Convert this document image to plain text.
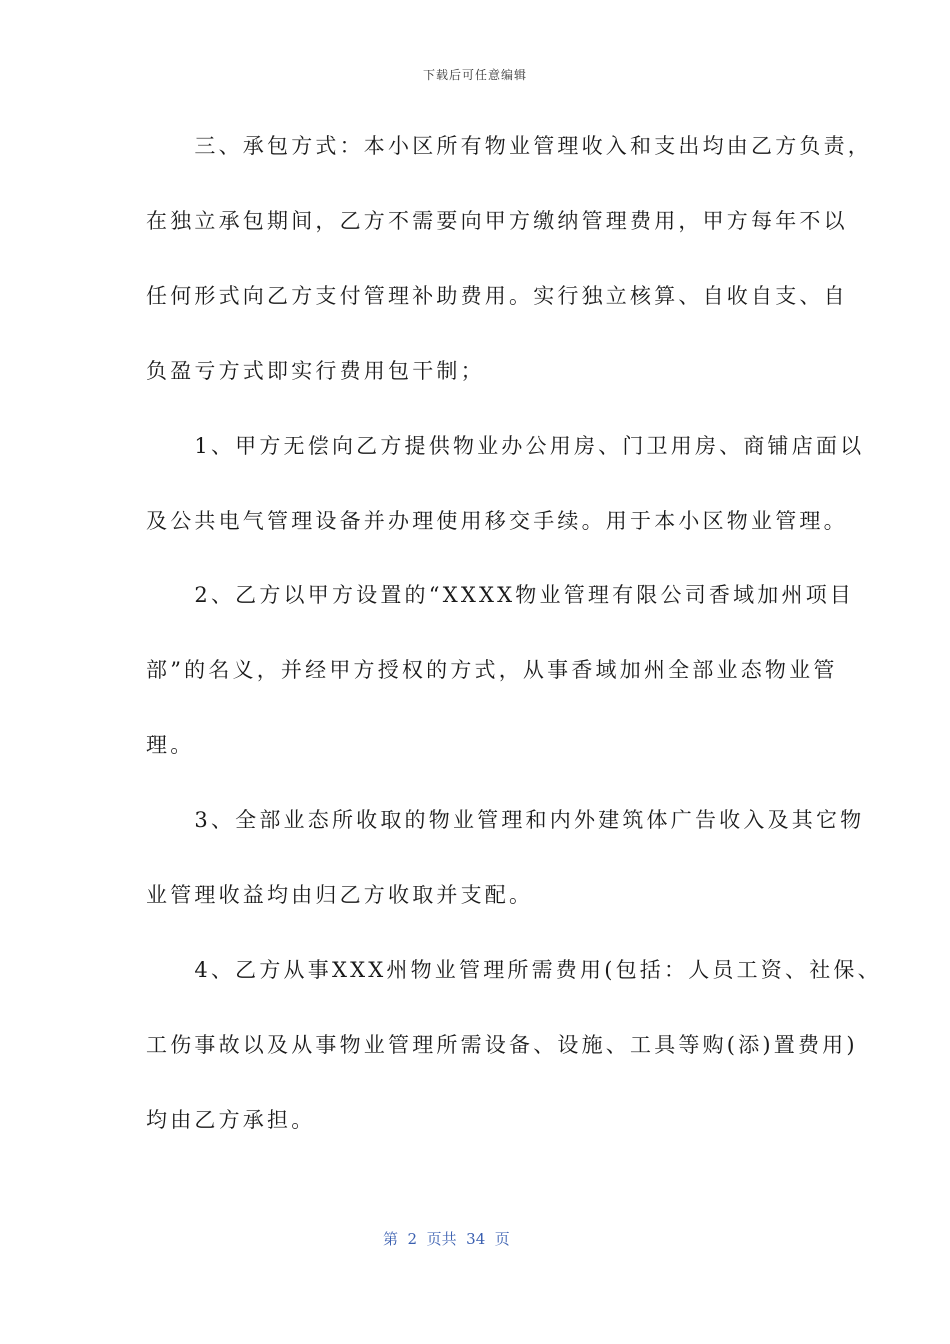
下载后可任意编辑
　　三、承包方式：本小区所有物业管理收入和支出均由乙方负责，
在独立承包期间，乙方不需要向甲方缴纳管理费用，甲方每年不以
任何形式向乙方支付管理补助费用。实行独立核算、自收自支、自
负盈亏方式即实行费用包干制；
　　1、甲方无偿向乙方提供物业办公用房、门卫用房、商铺店面以
及公共电气管理设备并办理使用移交手续。用于本小区物业管理。
　　2、乙方以甲方设置的“XXXX物业管理有限公司香域加州项目
部”的名义，并经甲方授权的方式，从事香域加州全部业态物业管
理。
　　3、全部业态所收取的物业管理和内外建筑体广告收入及其它物
业管理收益均由归乙方收取并支配。
　　4、乙方从事XXX州物业管理所需费用(包括：人员工资、社保、
工伤事故以及从事物业管理所需设备、设施、工具等购(添)置费用)
均由乙方承担。
第  2  页共  34  页
